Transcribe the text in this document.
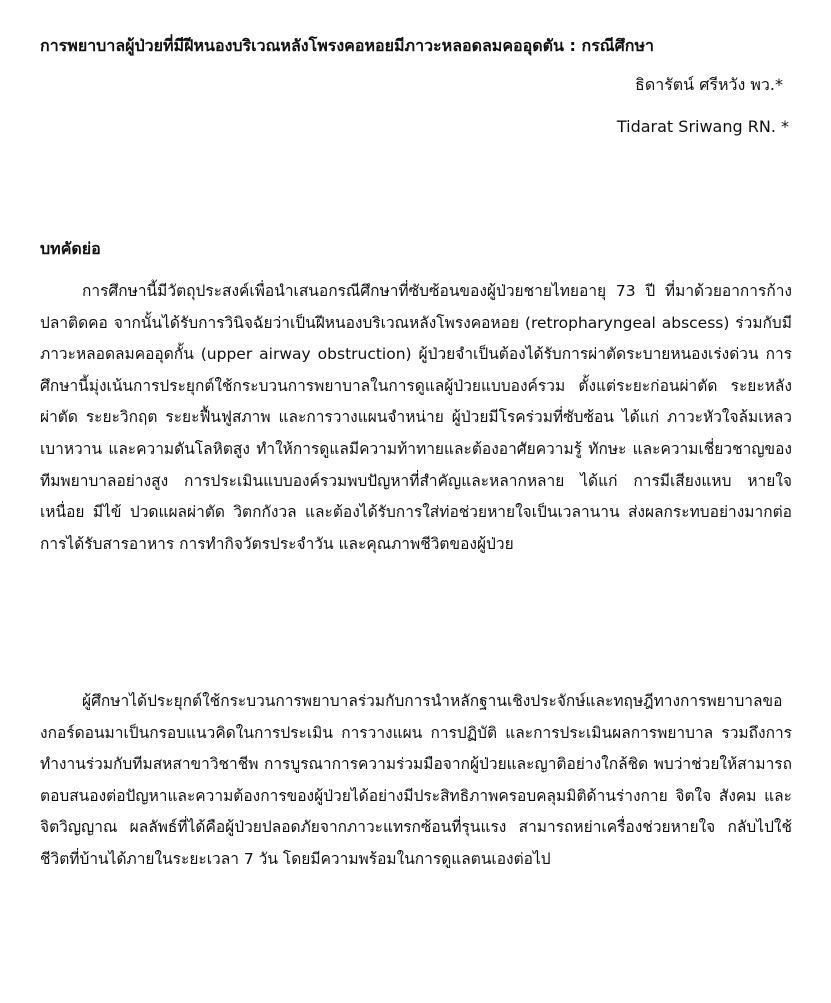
การพยาบาลผู้ป่วยที่มีฝีหนองบริเวณหลังโพรงคอหอยมีภาวะหลอดลมคออุดตัน : กรณีศึกษา
ธิดารัตน์ ศรีหวัง พว.*
Tidarat Sriwang RN. *
บทคัดย่อ

การศึกษานี้มีวัตถุประสงค์เพื่อนำเสนอกรณีศึกษาที่ซับซ้อนของผู้ป่วยชายไทยอายุ 73 ปี ที่มาด้วยอาการก้างปลาติดคอ จากนั้นได้รับการวินิจฉัยว่าเป็นฝีหนองบริเวณหลังโพรงคอหอย (retropharyngeal abscess) ร่วมกับมีภาวะหลอดลมคออุดกั้น (upper airway obstruction) ผู้ป่วยจำเป็นต้องได้รับการผ่าตัดระบายหนองเร่งด่วน การศึกษานี้มุ่งเน้นการประยุกต์ใช้กระบวนการพยาบาลในการดูแลผู้ป่วยแบบองค์รวม ตั้งแต่ระยะก่อนผ่าตัด ระยะหลังผ่าตัด ระยะวิกฤต ระยะฟื้นฟูสภาพ และการวางแผนจำหน่าย ผู้ป่วยมีโรคร่วมที่ซับซ้อน ได้แก่ ภาวะหัวใจล้มเหลว เบาหวาน และความดันโลหิตสูง ทำให้การดูแลมีความท้าทายและต้องอาศัยความรู้ ทักษะ และความเชี่ยวชาญของทีมพยาบาลอย่างสูง การประเมินแบบองค์รวมพบปัญหาที่สำคัญและหลากหลาย ได้แก่ การมีเสียงแหบ หายใจเหนื่อย มีไข้ ปวดแผลผ่าตัด วิตกกังวล และต้องได้รับการใส่ท่อช่วยหายใจเป็นเวลานาน ส่งผลกระทบอย่างมากต่อการได้รับสารอาหาร การทำกิจวัตรประจำวัน และคุณภาพชีวิตของผู้ป่วย

ผู้ศึกษาได้ประยุกต์ใช้กระบวนการพยาบาลร่วมกับการนำหลักฐานเชิงประจักษ์และทฤษฎีทางการพยาบาลของกอร์ดอนมาเป็นกรอบแนวคิดในการประเมิน การวางแผน การปฏิบัติ และการประเมินผลการพยาบาล รวมถึงการทำงานร่วมกับทีมสหสาขาวิชาชีพ การบูรณาการความร่วมมือจากผู้ป่วยและญาติอย่างใกล้ชิด พบว่าช่วยให้สามารถตอบสนองต่อปัญหาและความต้องการของผู้ป่วยได้อย่างมีประสิทธิภาพครอบคลุมมิติด้านร่างกาย จิตใจ สังคม และจิตวิญญาณ ผลลัพธ์ที่ได้คือผู้ป่วยปลอดภัยจากภาวะแทรกซ้อนที่รุนแรง สามารถหย่าเครื่องช่วยหายใจ กลับไปใช้ชีวิตที่บ้านได้ภายในระยะเวลา 7 วัน โดยมีความพร้อมในการดูแลตนเองต่อไป
